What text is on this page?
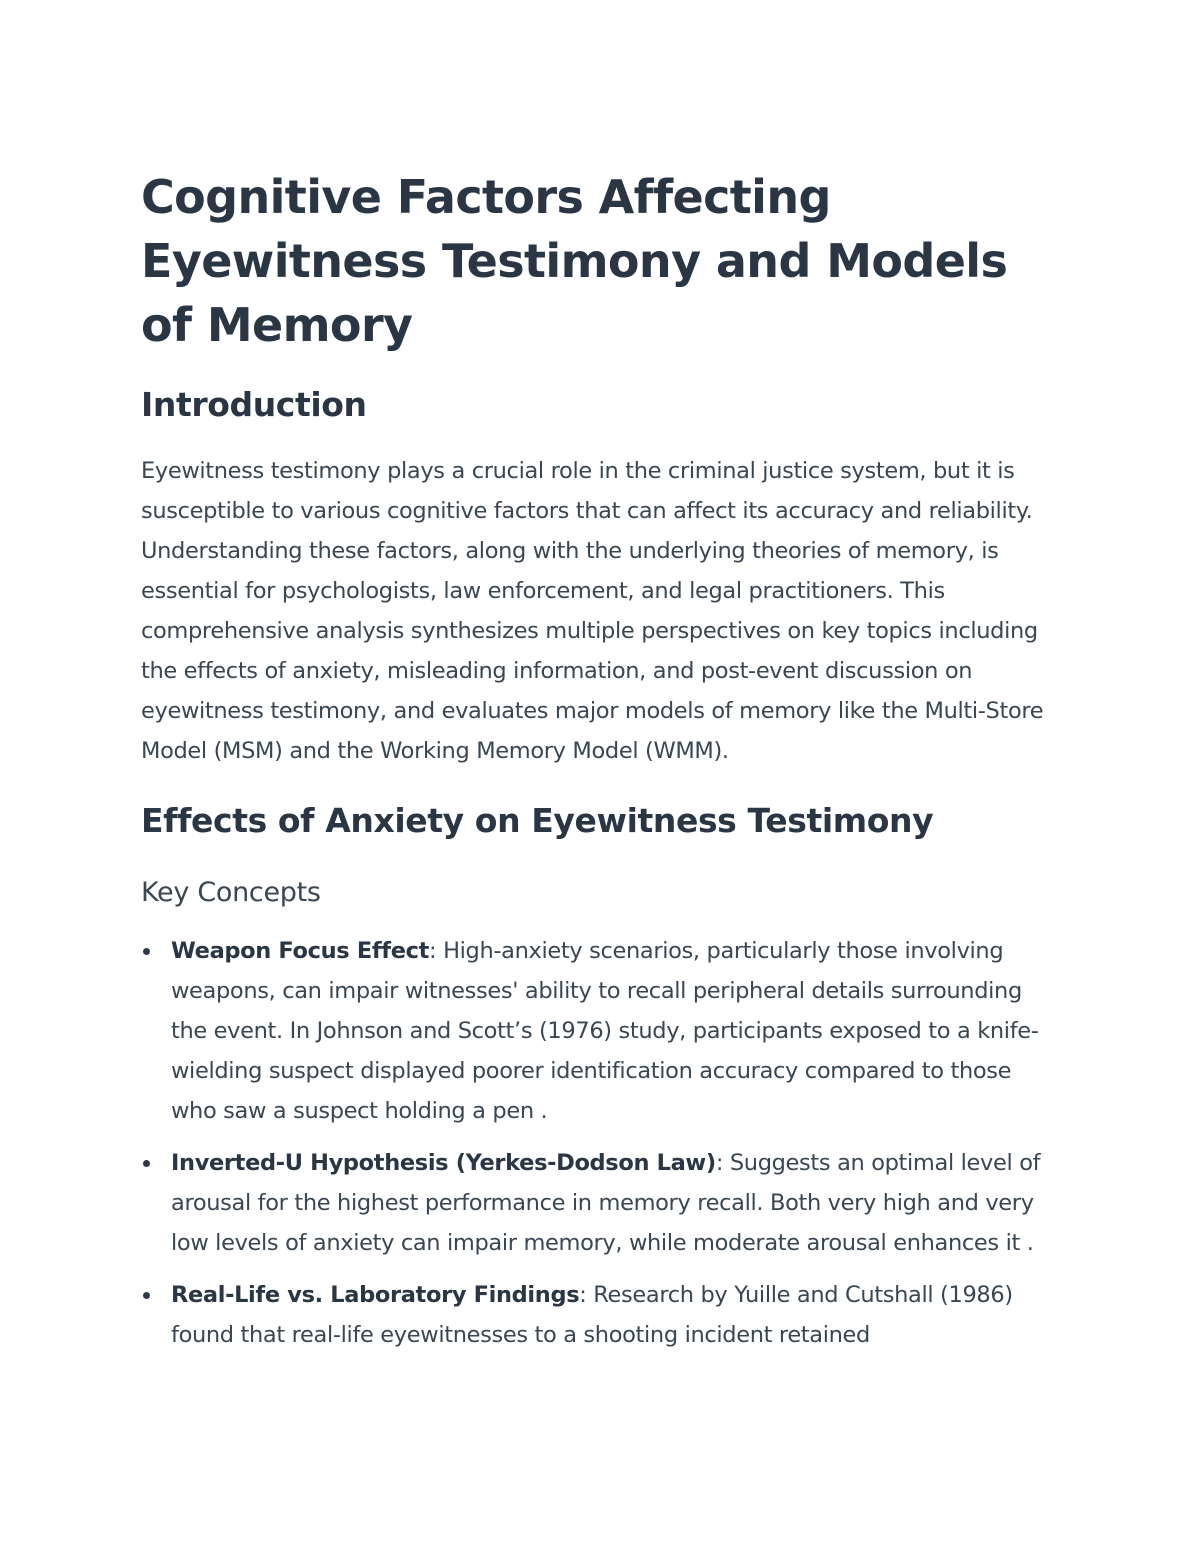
Cognitive Factors Affecting Eyewitness Testimony and Models of Memory
Introduction

Eyewitness testimony plays a crucial role in the criminal justice system, but it is susceptible to various cognitive factors that can affect its accuracy and reliability. Understanding these factors, along with the underlying theories of memory, is essential for psychologists, law enforcement, and legal practitioners. This comprehensive analysis synthesizes multiple perspectives on key topics including the effects of anxiety, misleading information, and post-event discussion on eyewitness testimony, and evaluates major models of memory like the Multi-Store Model (MSM) and the Working Memory Model (WMM).

Effects of Anxiety on Eyewitness Testimony
Key Concepts
Weapon Focus Effect: High-anxiety scenarios, particularly those involving weapons, can impair witnesses' ability to recall peripheral details surrounding the event. In Johnson and Scott’s (1976) study, participants exposed to a knife-wielding suspect displayed poorer identification accuracy compared to those who saw a suspect holding a pen .
Inverted-U Hypothesis (Yerkes-Dodson Law): Suggests an optimal level of arousal for the highest performance in memory recall. Both very high and very low levels of anxiety can impair memory, while moderate arousal enhances it .
Real-Life vs. Laboratory Findings: Research by Yuille and Cutshall (1986) found that real-life eyewitnesses to a shooting incident retained
